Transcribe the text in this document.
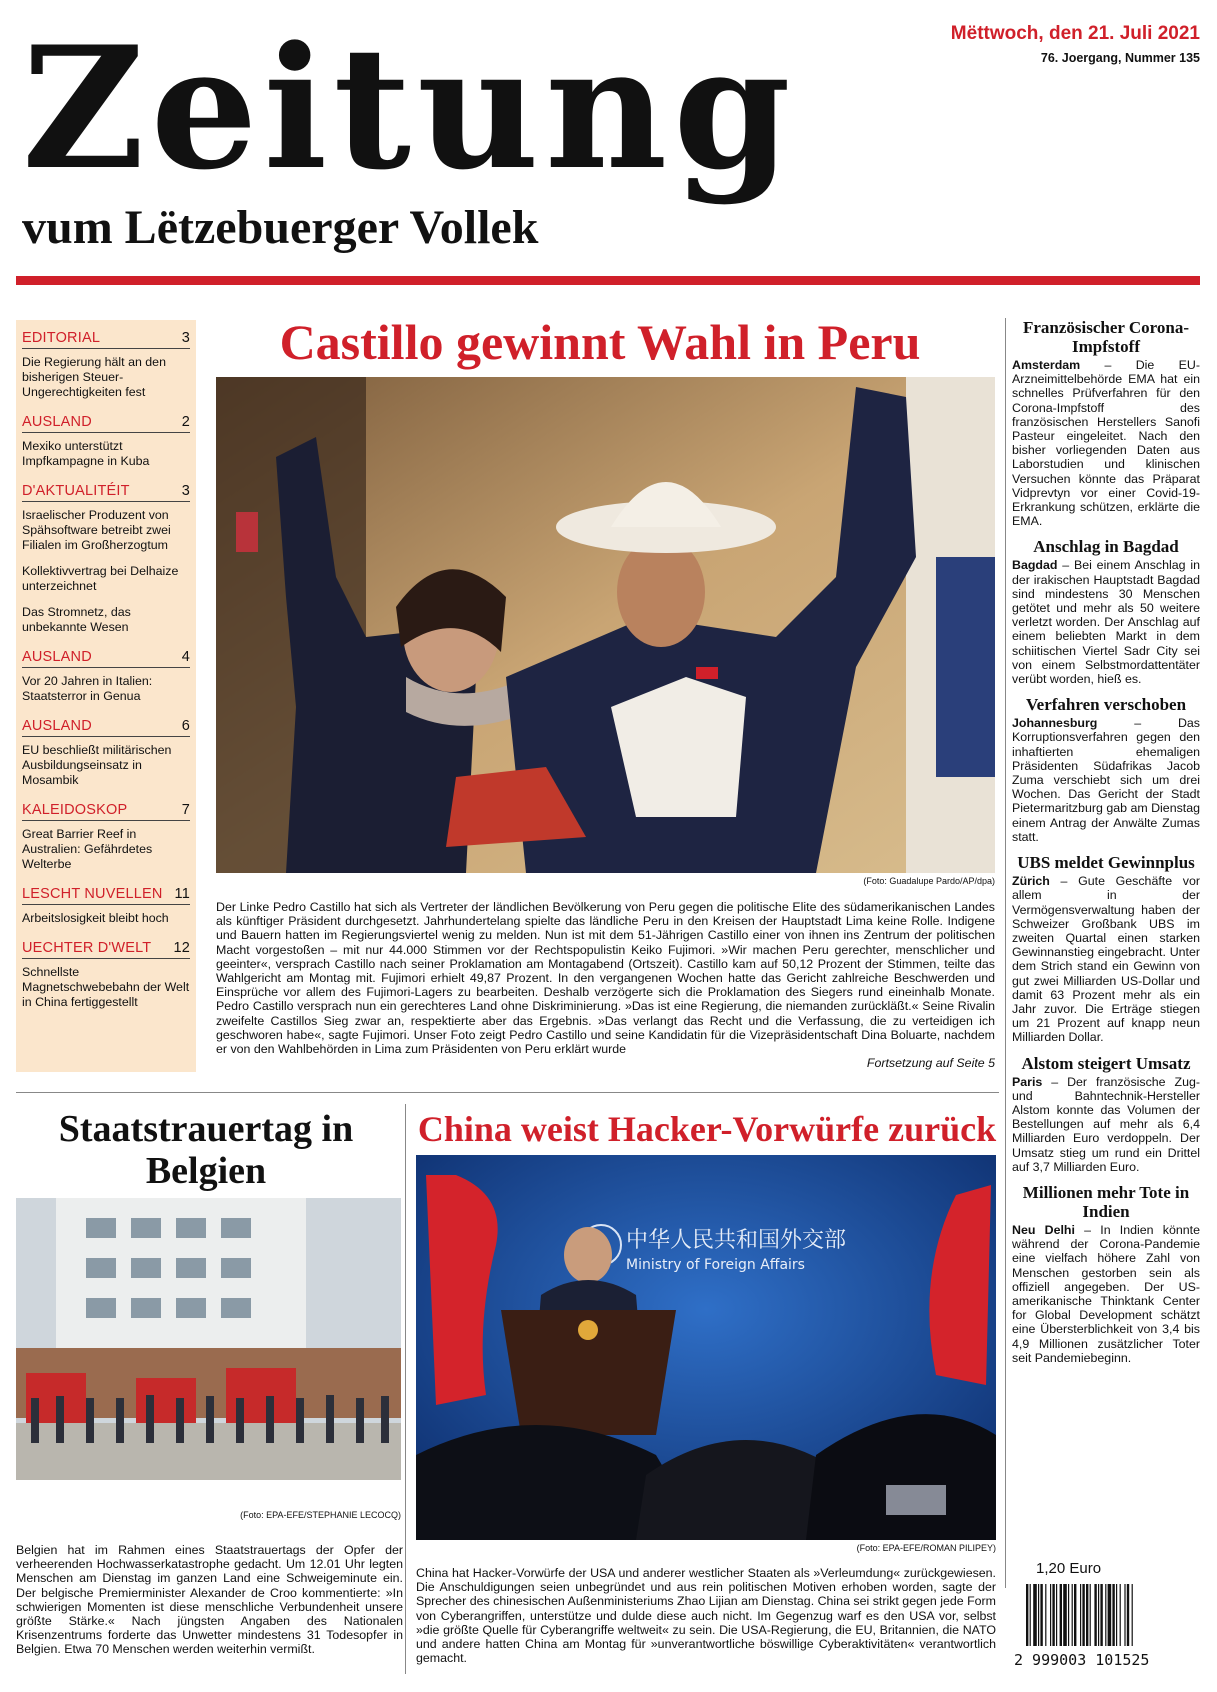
Zeitung
vum Lëtzebuerger Vollek
Mëttwoch, den 21. Juli 2021
76. Joergang, Nummer 135
EDITORIAL	3
Die Regierung hält an den bisherigen Steuer-Ungerechtigkeiten fest
AUSLAND	2
Mexiko unterstützt Impfkampagne in Kuba
D'AKTUALITÉIT	3
Israelischer Produzent von Spähsoftware betreibt zwei Filialen im Großherzogtum
Kollektivvertrag bei Delhaize unterzeichnet
Das Stromnetz, das unbekannte Wesen
AUSLAND	4
Vor 20 Jahren in Italien: Staatsterror in Genua
AUSLAND	6
EU beschließt militärischen Ausbildungseinsatz in Mosambik
KALEIDOSKOP	7
Great Barrier Reef in Australien: Gefährdetes Welterbe
LESCHT NUVELLEN 11
Arbeitslosigkeit bleibt hoch
UECHTER D'WELT 12
Schnellste Magnetschwebebahn der Welt in China fertiggestellt
Castillo gewinnt Wahl in Peru
(Foto: Guadalupe Pardo/AP/dpa)
Der Linke Pedro Castillo hat sich als Vertreter der ländlichen Bevölkerung von Peru gegen die politische Elite des südamerikanischen Landes als künftiger Präsident durchgesetzt. Jahrhundertelang spielte das ländliche Peru in den Kreisen der Hauptstadt Lima keine Rolle. Indigene und Bauern hatten im Regierungsviertel wenig zu melden. Nun ist mit dem 51-Jährigen Castillo einer von ihnen ins Zentrum der politischen Macht vorgestoßen – mit nur 44.000 Stimmen vor der Rechtspopulistin Keiko Fujimori. »Wir machen Peru gerechter, menschlicher und geeinter«, versprach Castillo nach seiner Proklamation am Montagabend (Ortszeit). Castillo kam auf 50,12 Prozent der Stimmen, teilte das Wahlgericht am Montag mit. Fujimori erhielt 49,87 Prozent. In den vergangenen Wochen hatte das Gericht zahlreiche Beschwerden und Einsprüche vor allem des Fujimori-Lagers zu bearbeiten. Deshalb verzögerte sich die Proklamation des Siegers rund eineinhalb Monate. Pedro Castillo versprach nun ein gerechteres Land ohne Diskriminierung. »Das ist eine Regierung, die niemanden zurückläßt.« Seine Rivalin zweifelte Castillos Sieg zwar an, respektierte aber das Ergebnis. »Das verlangt das Recht und die Verfassung, die zu verteidigen ich geschworen habe«, sagte Fujimori. Unser Foto zeigt Pedro Castillo und seine Kandidatin für die Vizepräsidentschaft Dina Boluarte, nachdem er von den Wahlbehörden in Lima zum Präsidenten von Peru erklärt wurde
Fortsetzung auf Seite 5
Französischer Corona-Impfstoff
Amsterdam – Die EU-Arzneimittelbehörde EMA hat ein schnelles Prüfverfahren für den Corona-Impfstoff des französischen Herstellers Sanofi Pasteur eingeleitet. Nach den bisher vorliegenden Daten aus Laborstudien und klinischen Versuchen könnte das Präparat Vidprevtyn vor einer Covid-19-Erkrankung schützen, erklärte die EMA.
Anschlag in Bagdad
Bagdad – Bei einem Anschlag in der irakischen Hauptstadt Bagdad sind mindestens 30 Menschen getötet und mehr als 50 weitere verletzt worden. Der Anschlag auf einem beliebten Markt in dem schiitischen Viertel Sadr City sei von einem Selbstmordattentäter verübt worden, hieß es.
Verfahren verschoben
Johannesburg – Das Korruptionsverfahren gegen den inhaftierten ehemaligen Präsidenten Südafrikas Jacob Zuma verschiebt sich um drei Wochen. Das Gericht der Stadt Pietermaritzburg gab am Dienstag einem Antrag der Anwälte Zumas statt.
UBS meldet Gewinnplus
Zürich – Gute Geschäfte vor allem in der Vermögensverwaltung haben der Schweizer Großbank UBS im zweiten Quartal einen starken Gewinnanstieg eingebracht. Unter dem Strich stand ein Gewinn von gut zwei Milliarden US-Dollar und damit 63 Prozent mehr als ein Jahr zuvor. Die Erträge stiegen um 21 Prozent auf knapp neun Milliarden Dollar.
Alstom steigert Umsatz
Paris – Der französische Zug- und Bahntechnik-Hersteller Alstom konnte das Volumen der Bestellungen auf mehr als 6,4 Milliarden Euro verdoppeln. Der Umsatz stieg um rund ein Drittel auf 3,7 Milliarden Euro.
Millionen mehr Tote in Indien
Neu Delhi – In Indien könnte während der Corona-Pandemie eine vielfach höhere Zahl von Menschen gestorben sein als offiziell angegeben. Der US-amerikanische Thinktank Center for Global Development schätzt eine Übersterblichkeit von 3,4 bis 4,9 Millionen zusätzlicher Toter seit Pandemiebeginn.
1,20 Euro
2 999003 101525
Staatstrauertag in Belgien
(Foto: EPA-EFE/STEPHANIE LECOCQ)
Belgien hat im Rahmen eines Staatstrauertags der Opfer der verheerenden Hochwasserkatastrophe gedacht. Um 12.01 Uhr legten Menschen am Dienstag im ganzen Land eine Schweigeminute ein. Der belgische Premierminister Alexander de Croo kommentierte: »In schwierigen Momenten ist diese menschliche Verbundenheit unsere größte Stärke.« Nach jüngsten Angaben des Nationalen Krisenzentrums forderte das Unwetter mindestens 31 Todesopfer in Belgien. Etwa 70 Menschen werden weiterhin vermißt.
China weist Hacker-Vorwürfe zurück
中华人民共和国外交部
Ministry of Foreign Affairs
(Foto: EPA-EFE/ROMAN PILIPEY)
China hat Hacker-Vorwürfe der USA und anderer westlicher Staaten als »Verleumdung« zurückgewiesen. Die Anschuldigungen seien unbegründet und aus rein politischen Motiven erhoben worden, sagte der Sprecher des chinesischen Außenministeriums Zhao Lijian am Dienstag. China sei strikt gegen jede Form von Cyberangriffen, unterstütze und dulde diese auch nicht. Im Gegenzug warf es den USA vor, selbst »die größte Quelle für Cyberangriffe weltweit« zu sein. Die USA-Regierung, die EU, Britannien, die NATO und andere hatten China am Montag für »unverantwortliche böswillige Cyberaktivitäten« verantwortlich gemacht.
